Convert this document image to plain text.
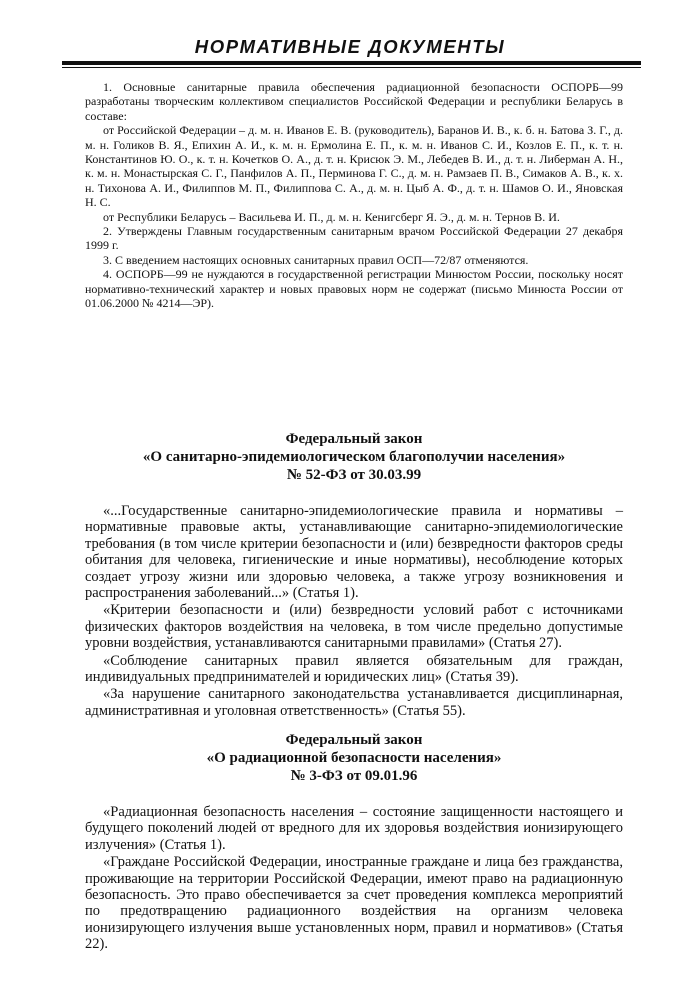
НОРМАТИВНЫЕ ДОКУМЕНТЫ

1. Основные санитарные правила обеспечения радиационной безопасности ОСПОРБ—99 разработаны творческим коллективом специалистов Российской Федерации и республики Беларусь в составе:

от Российской Федерации – д. м. н. Иванов Е. В. (руководитель), Баранов И. В., к. б. н. Батова З. Г., д. м. н. Голиков В. Я., Епихин А. И., к. м. н. Ермолина Е. П., к. м. н. Иванов С. И., Козлов Е. П., к. т. н. Константинов Ю. О., к. т. н. Кочетков О. А., д. т. н. Крисюк Э. М., Лебедев В. И., д. т. н. Либерман А. Н., к. м. н. Монастырская С. Г., Панфилов А. П., Перминова Г. С., д. м. н. Рамзаев П. В., Симаков А. В., к. х. н. Тихонова А. И., Филиппов М. П., Филиппова С. А., д. м. н. Цыб А. Ф., д. т. н. Шамов О. И., Яновская Н. С.

от Республики Беларусь – Васильева И. П., д. м. н. Кенигсберг Я. Э., д. м. н. Тернов В. И.

2. Утверждены Главным государственным санитарным врачом Российской Федерации 27 декабря 1999 г.

3. С введением настоящих основных санитарных правил ОСП—72/87 отменяются.

4. ОСПОРБ—99 не нуждаются в государственной регистрации Минюстом России, поскольку носят нормативно-технический характер и новых правовых норм не содержат (письмо Минюста России от 01.06.2000 № 4214—ЭР).

Федеральный закон

«О санитарно-эпидемиологическом благополучии населения»

№ 52-ФЗ от 30.03.99

«...Государственные санитарно-эпидемиологические правила и нормативы – нормативные правовые акты, устанавливающие санитарно-эпидемиологические требования (в том числе критерии безопасности и (или) безвредности факторов среды обитания для человека, гигиенические и иные нормативы), несоблюдение которых создает угрозу жизни или здоровью человека, а также угрозу возникновения и распространения заболеваний...» (Статья 1).

«Критерии безопасности и (или) безвредности условий работ с источниками физических факторов воздействия на человека, в том числе предельно допустимые уровни воздействия, устанавливаются санитарными правилами» (Статья 27).

«Соблюдение санитарных правил является обязательным для граждан, индивидуальных предпринимателей и юридических лиц» (Статья 39).

«За нарушение санитарного законодательства устанавливается дисциплинарная, административная и уголовная ответственность» (Статья 55).

Федеральный закон

«О радиационной безопасности населения»

№ 3-ФЗ от 09.01.96

«Радиационная безопасность населения – состояние защищенности настоящего и будущего поколений людей от вредного для их здоровья воздействия ионизирующего излучения» (Статья 1).

«Граждане Российской Федерации, иностранные граждане и лица без гражданства, проживающие на территории Российской Федерации, имеют право на радиационную безопасность. Это право обеспечивается за счет проведения комплекса мероприятий по предотвращению радиационного воздействия на организм человека ионизирующего излучения выше установленных норм, правил и нормативов» (Статья 22).
